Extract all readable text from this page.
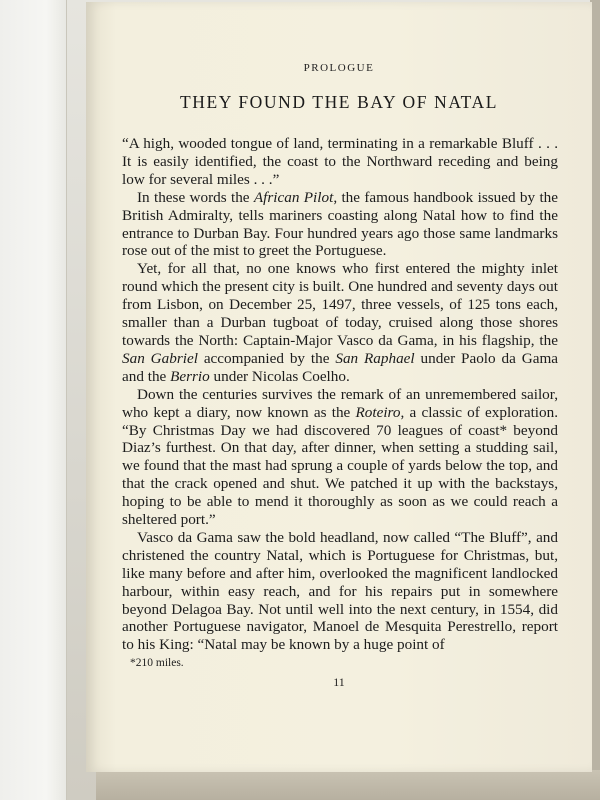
PROLOGUE
THEY FOUND THE BAY OF NATAL

“A high, wooded tongue of land, terminating in a remarkable Bluff . . . It is easily identified, the coast to the Northward receding and being low for several miles . . .”

In these words the African Pilot, the famous handbook issued by the British Admiralty, tells mariners coasting along Natal how to find the entrance to Durban Bay. Four hundred years ago those same landmarks rose out of the mist to greet the Portuguese.

Yet, for all that, no one knows who first entered the mighty inlet round which the present city is built. One hundred and seventy days out from Lisbon, on December 25, 1497, three vessels, of 125 tons each, smaller than a Durban tugboat of today, cruised along those shores towards the North: Captain-Major Vasco da Gama, in his flagship, the San Gabriel accompanied by the San Raphael under Paolo da Gama and the Berrio under Nicolas Coelho.

Down the centuries survives the remark of an unremembered sailor, who kept a diary, now known as the Roteiro, a classic of exploration. “By Christmas Day we had discovered 70 leagues of coast* beyond Diaz’s furthest. On that day, after dinner, when setting a studding sail, we found that the mast had sprung a couple of yards below the top, and that the crack opened and shut. We patched it up with the backstays, hoping to be able to mend it thoroughly as soon as we could reach a sheltered port.”

Vasco da Gama saw the bold headland, now called “The Bluff”, and christened the country Natal, which is Portuguese for Christmas, but, like many before and after him, overlooked the magnificent landlocked harbour, within easy reach, and for his repairs put in somewhere beyond Delagoa Bay. Not until well into the next century, in 1554, did another Portuguese navigator, Manoel de Mesquita Perestrello, report to his King: “Natal may be known by a huge point of

*210 miles.
11
